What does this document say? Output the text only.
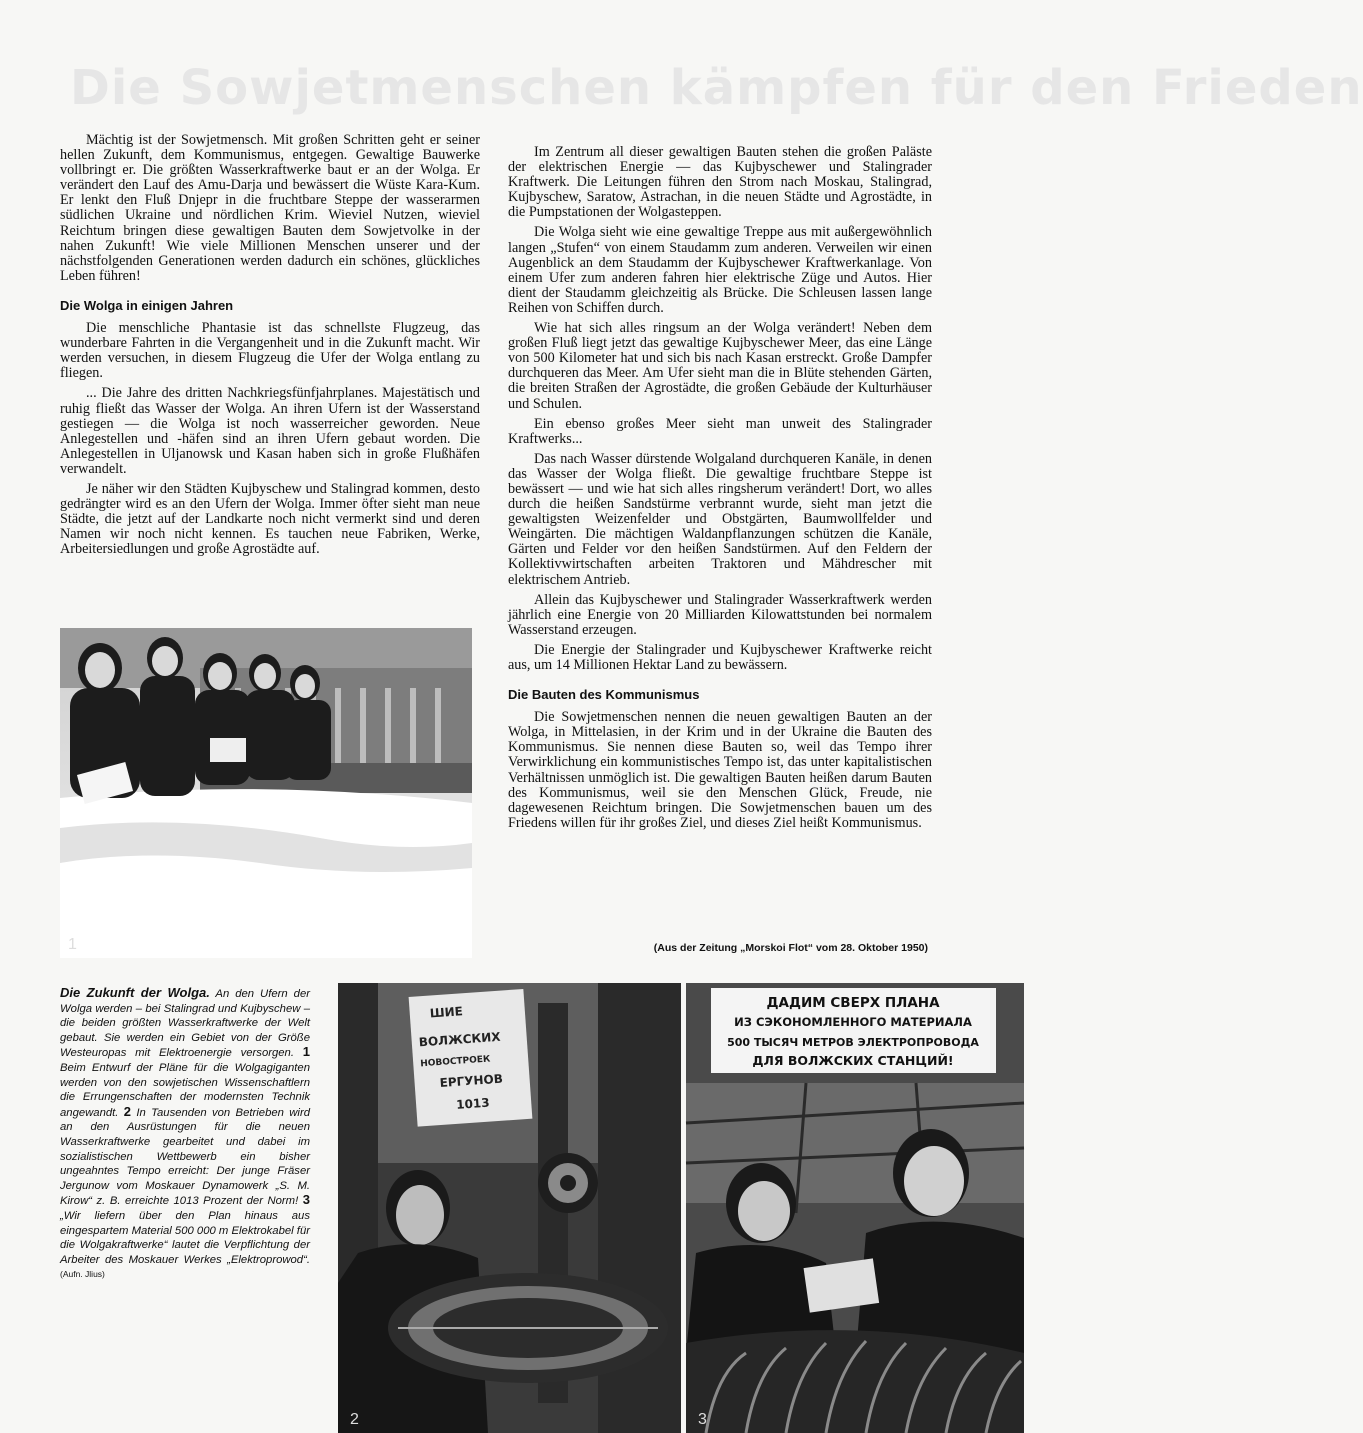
Die Sowjetmenschen kämpfen für den Frieden

Mächtig ist der Sowjetmensch. Mit großen Schritten geht er seiner hellen Zukunft, dem Kommunismus, entgegen. Gewaltige Bauwerke vollbringt er. Die größten Wasserkraftwerke baut er an der Wolga. Er verändert den Lauf des Amu-Darja und bewässert die Wüste Kara-Kum. Er lenkt den Fluß Dnjepr in die fruchtbare Steppe der wasserarmen südlichen Ukraine und nördlichen Krim. Wieviel Nutzen, wieviel Reichtum bringen diese gewaltigen Bauten dem Sowjetvolke in der nahen Zukunft! Wie viele Millionen Menschen unserer und der nächstfolgenden Generationen werden dadurch ein schönes, glückliches Leben führen!

Die Wolga in einigen Jahren

Die menschliche Phantasie ist das schnellste Flugzeug, das wunderbare Fahrten in die Vergangenheit und in die Zukunft macht. Wir werden versuchen, in diesem Flugzeug die Ufer der Wolga entlang zu fliegen.

... Die Jahre des dritten Nachkriegsfünfjahrplanes. Majestätisch und ruhig fließt das Wasser der Wolga. An ihren Ufern ist der Wasserstand gestiegen — die Wolga ist noch wasserreicher geworden. Neue Anlegestellen und -häfen sind an ihren Ufern gebaut worden. Die Anlegestellen in Uljanowsk und Kasan haben sich in große Flußhäfen verwandelt.

Je näher wir den Städten Kujbyschew und Stalingrad kommen, desto gedrängter wird es an den Ufern der Wolga. Immer öfter sieht man neue Städte, die jetzt auf der Landkarte noch nicht vermerkt sind und deren Namen wir noch nicht kennen. Es tauchen neue Fabriken, Werke, Arbeitersiedlungen und große Agrostädte auf.

Im Zentrum all dieser gewaltigen Bauten stehen die großen Paläste der elektrischen Energie — das Kujbyschewer und Stalingrader Kraftwerk. Die Leitungen führen den Strom nach Moskau, Stalingrad, Kujbyschew, Saratow, Astrachan, in die neuen Städte und Agrostädte, in die Pumpstationen der Wolgasteppen.

Die Wolga sieht wie eine gewaltige Treppe aus mit außergewöhnlich langen „Stufen“ von einem Staudamm zum anderen. Verweilen wir einen Augenblick an dem Staudamm der Kujbyschewer Kraftwerkanlage. Von einem Ufer zum anderen fahren hier elektrische Züge und Autos. Hier dient der Staudamm gleichzeitig als Brücke. Die Schleusen lassen lange Reihen von Schiffen durch.

Wie hat sich alles ringsum an der Wolga verändert! Neben dem großen Fluß liegt jetzt das gewaltige Kujbyschewer Meer, das eine Länge von 500 Kilometer hat und sich bis nach Kasan erstreckt. Große Dampfer durchqueren das Meer. Am Ufer sieht man die in Blüte stehenden Gärten, die breiten Straßen der Agrostädte, die großen Gebäude der Kulturhäuser und Schulen.

Ein ebenso großes Meer sieht man unweit des Stalingrader Kraftwerks...

Das nach Wasser dürstende Wolgaland durchqueren Kanäle, in denen das Wasser der Wolga fließt. Die gewaltige fruchtbare Steppe ist bewässert — und wie hat sich alles ringsherum verändert! Dort, wo alles durch die heißen Sandstürme verbrannt wurde, sieht man jetzt die gewaltigsten Weizenfelder und Obstgärten, Baumwollfelder und Weingärten. Die mächtigen Waldanpflanzungen schützen die Kanäle, Gärten und Felder vor den heißen Sandstürmen. Auf den Feldern der Kollektivwirtschaften arbeiten Traktoren und Mähdrescher mit elektrischem Antrieb.

Allein das Kujbyschewer und Stalingrader Wasserkraftwerk werden jährlich eine Energie von 20 Milliarden Kilowattstunden bei normalem Wasserstand erzeugen.

Die Energie der Stalingrader und Kujbyschewer Kraftwerke reicht aus, um 14 Millionen Hektar Land zu bewässern.

Die Bauten des Kommunismus

Die Sowjetmenschen nennen die neuen gewaltigen Bauten an der Wolga, in Mittelasien, in der Krim und in der Ukraine die Bauten des Kommunismus. Sie nennen diese Bauten so, weil das Tempo ihrer Verwirklichung ein kommunistisches Tempo ist, das unter kapitalistischen Verhältnissen unmöglich ist. Die gewaltigen Bauten heißen darum Bauten des Kommunismus, weil sie den Menschen Glück, Freude, nie dagewesenen Reichtum bringen. Die Sowjetmenschen bauen um des Friedens willen für ihr großes Ziel, und dieses Ziel heißt Kommunismus.

(Aus der Zeitung „Morskoi Flot“ vom 28. Oktober 1950)
1
Die Zukunft der Wolga. An den Ufern der Wolga werden – bei Stalingrad und Kujbyschew – die beiden größten Wasserkraftwerke der Welt gebaut. Sie werden ein Gebiet von der Größe Westeuropas mit Elektroenergie versorgen. 1 Beim Entwurf der Pläne für die Wolgagiganten werden von den sowjetischen Wissenschaftlern die Errungenschaften der modernsten Technik angewandt. 2 In Tausenden von Betrieben wird an den Ausrüstungen für die neuen Wasserkraftwerke gearbeitet und dabei im sozialistischen Wettbewerb ein bisher ungeahntes Tempo erreicht: Der junge Fräser Jergunow vom Moskauer Dynamowerk „S. M. Kirow“ z. B. erreichte 1013 Prozent der Norm! 3 „Wir liefern über den Plan hinaus aus eingespartem Material 500 000 m Elektrokabel für die Wolgakraftwerke“ lautet die Verpflichtung der Arbeiter des Moskauer Werkes „Elektroprowod“. (Aufn. Jlius)
ШИЕ
ВОЛЖСКИХ
НОВОСТРОЕК
ЕРГУНОВ
1013
2
ДАДИМ СВЕРХ ПЛАНА
ИЗ СЭКОНОМЛЕННОГО МАТЕРИАЛА
500 ТЫСЯЧ МЕТРОВ ЭЛЕКТРОПРОВОДА
ДЛЯ ВОЛЖСКИХ СТАНЦИЙ!
3
